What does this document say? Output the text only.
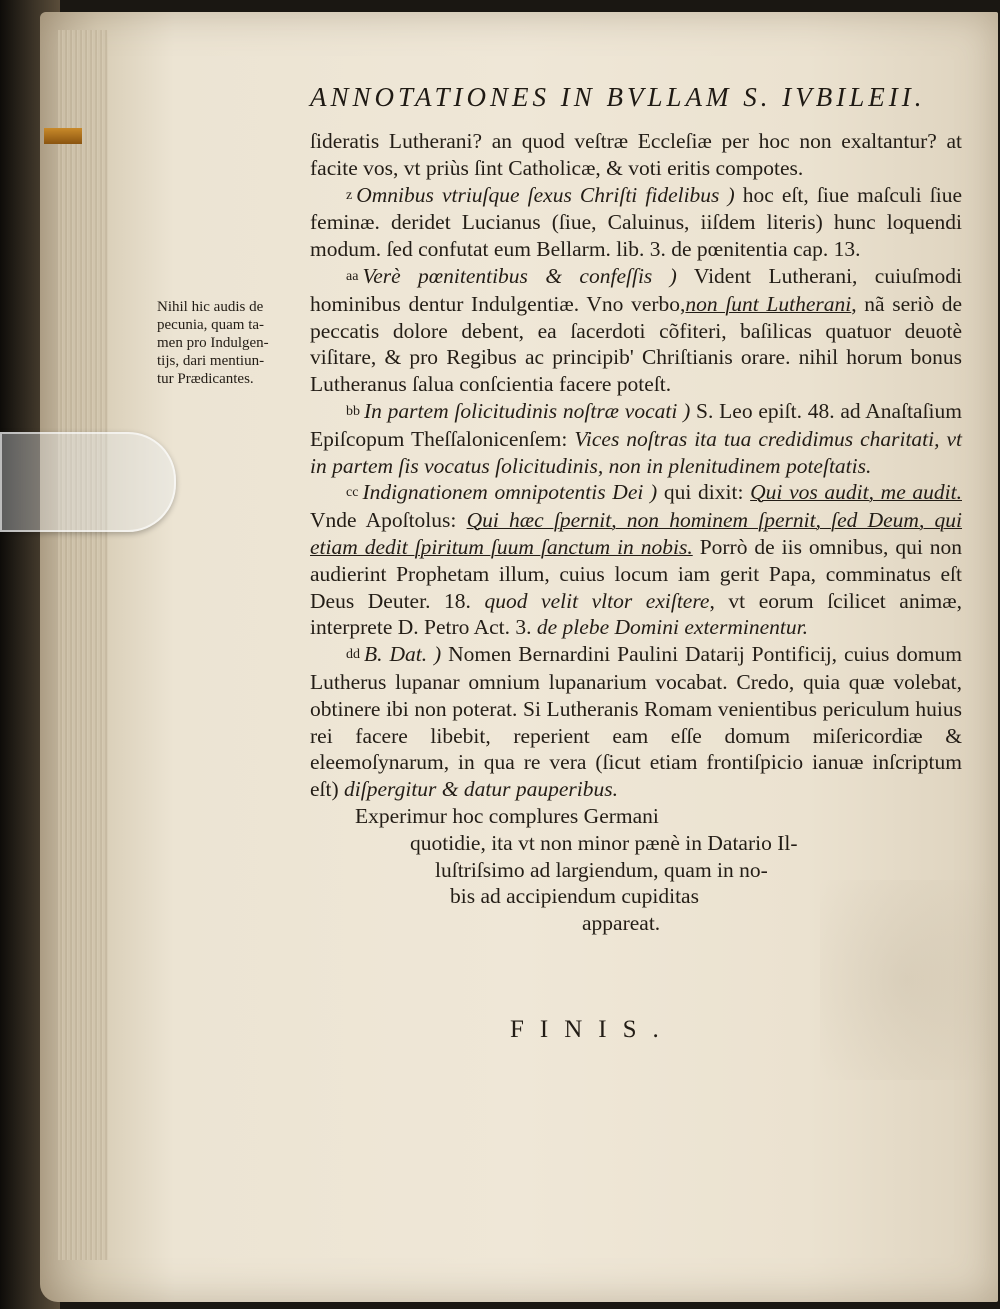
ANNOTATIONES IN BVLLAM S. IVBILEII.
Nihil hic audis de
pecunia, quam ta-
men pro Indulgen-
tijs, dari mentiun-
tur Prædicantes.

ſideratis Lutherani? an quod veſtræ Eccleſiæ per hoc non exaltantur? at facite vos, vt priùs ſint Catholicæ, & voti eritis compotes.

z Omnibus vtriuſque ſexus Chriſti fidelibus ) hoc eſt, ſiue maſculi ſiue feminæ. deridet Lucianus (ſiue, Caluinus, iiſdem literis) hunc loquendi modum. ſed confutat eum Bellarm. lib. 3. de pœnitentia cap. 13.

aa Verè pœnitentibus & confeſſis ) Vident Lutherani, cuiuſmodi hominibus dentur Indulgentiæ. Vno verbo,non ſunt Lutherani, nã seriò de peccatis dolore debent, ea ſacerdoti cõfiteri, baſilicas quatuor deuotè viſitare, & pro Regibus ac principib' Chriſtianis orare. nihil horum bonus Lutheranus ſalua conſcientia facere poteſt.

bb In partem ſolicitudinis noſtræ vocati ) S. Leo epiſt. 48. ad Anaſtaſium Epiſcopum Theſſalonicenſem: Vices noſtras ita tua credidimus charitati, vt in partem ſis vocatus ſolicitudinis, non in plenitudinem poteſtatis.

cc Indignationem omnipotentis Dei ) qui dixit: Qui vos audit, me audit. Vnde Apoſtolus: Qui hæc ſpernit, non hominem ſpernit, ſed Deum, qui etiam dedit ſpiritum ſuum ſanctum in nobis. Porrò de iis omnibus, qui non audierint Prophetam illum, cuius locum iam gerit Papa, comminatus eſt Deus Deuter. 18. quod velit vltor exiſtere, vt eorum ſcilicet animæ, interprete D. Petro Act. 3. de plebe Domini exterminentur.

dd B. Dat. ) Nomen Bernardini Paulini Datarij Pontificij, cuius domum Lutherus lupanar omnium lupanarium vocabat. Credo, quia quæ volebat, obtinere ibi non poterat. Si Lutheranis Romam venientibus periculum huius rei facere libebit, reperient eam eſſe domum miſericordiæ & eleemoſynarum, in qua re vera (ſicut etiam frontiſpicio ianuæ inſcriptum eſt) diſpergitur & datur pauperibus.

Experimur hoc complures Germani
quotidie, ita vt non minor pænè in Datario Il-
luſtriſsimo ad largiendum, quam in no-
bis ad accipiendum cupiditas
appareat.
FINIS.
